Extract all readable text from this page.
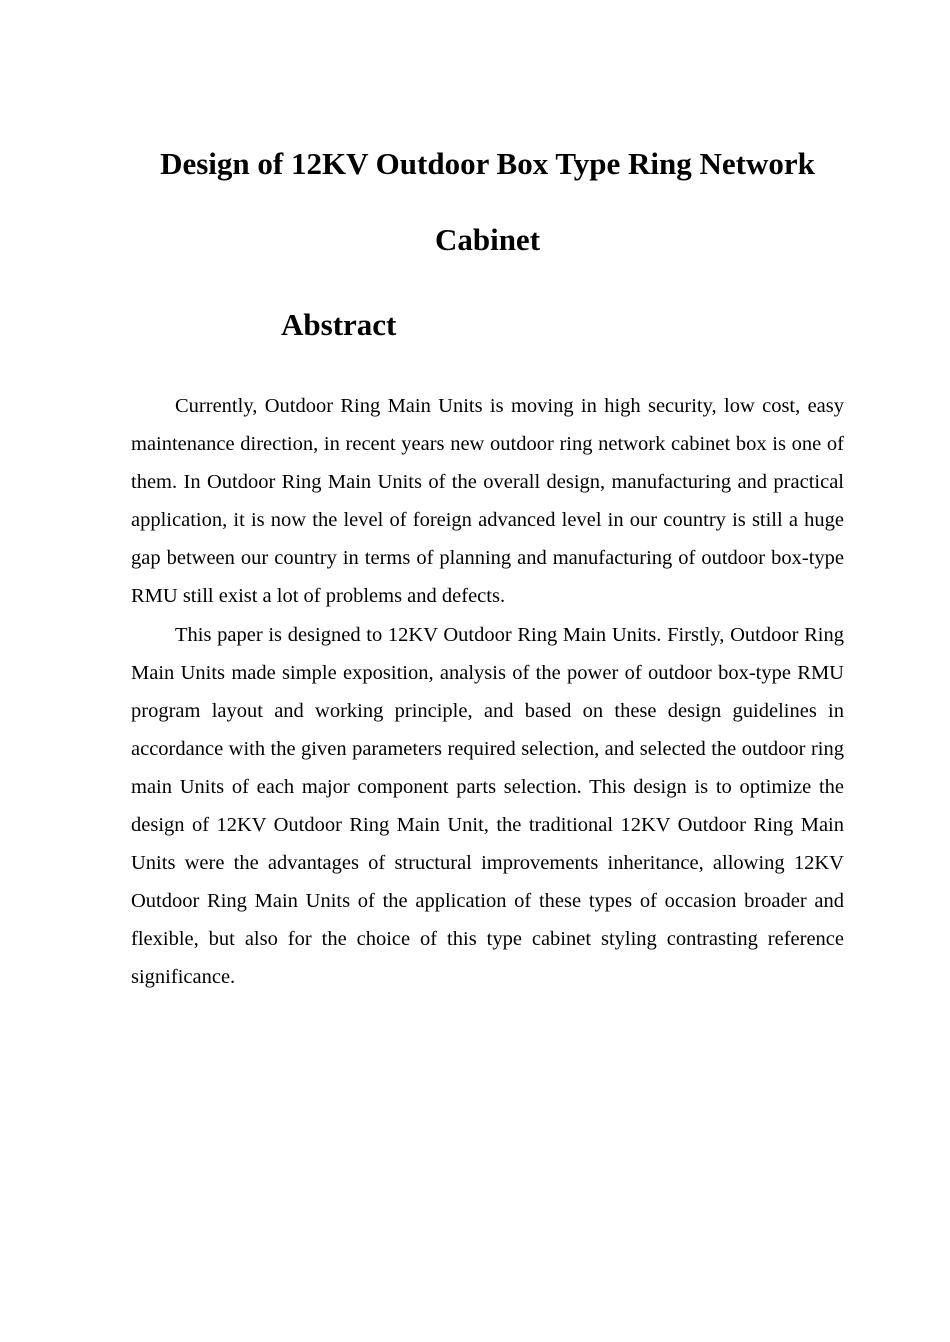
Design of 12KV Outdoor Box Type Ring Network
Cabinet
Abstract

Currently, Outdoor Ring Main Units is moving in high security, low cost, easy maintenance direction, in recent years new outdoor ring network cabinet box is one of them. In Outdoor Ring Main Units of the overall design, manufacturing and practical application, it is now the level of foreign advanced level in our country is still a huge gap between our country in terms of planning and manufacturing of outdoor box-type RMU still exist a lot of problems and defects.

This paper is designed to 12KV Outdoor Ring Main Units. Firstly, Outdoor Ring Main Units made simple exposition, analysis of the power of outdoor box-type RMU program layout and working principle, and based on these design guidelines in accordance with the given parameters required selection, and selected the outdoor ring main Units of each major component parts selection. This design is to optimize the design of 12KV Outdoor Ring Main Unit, the traditional 12KV Outdoor Ring Main Units were the advantages of structural improvements inheritance, allowing 12KV Outdoor Ring Main Units of the application of these types of occasion broader and flexible, but also for the choice of this type cabinet styling contrasting reference significance.
